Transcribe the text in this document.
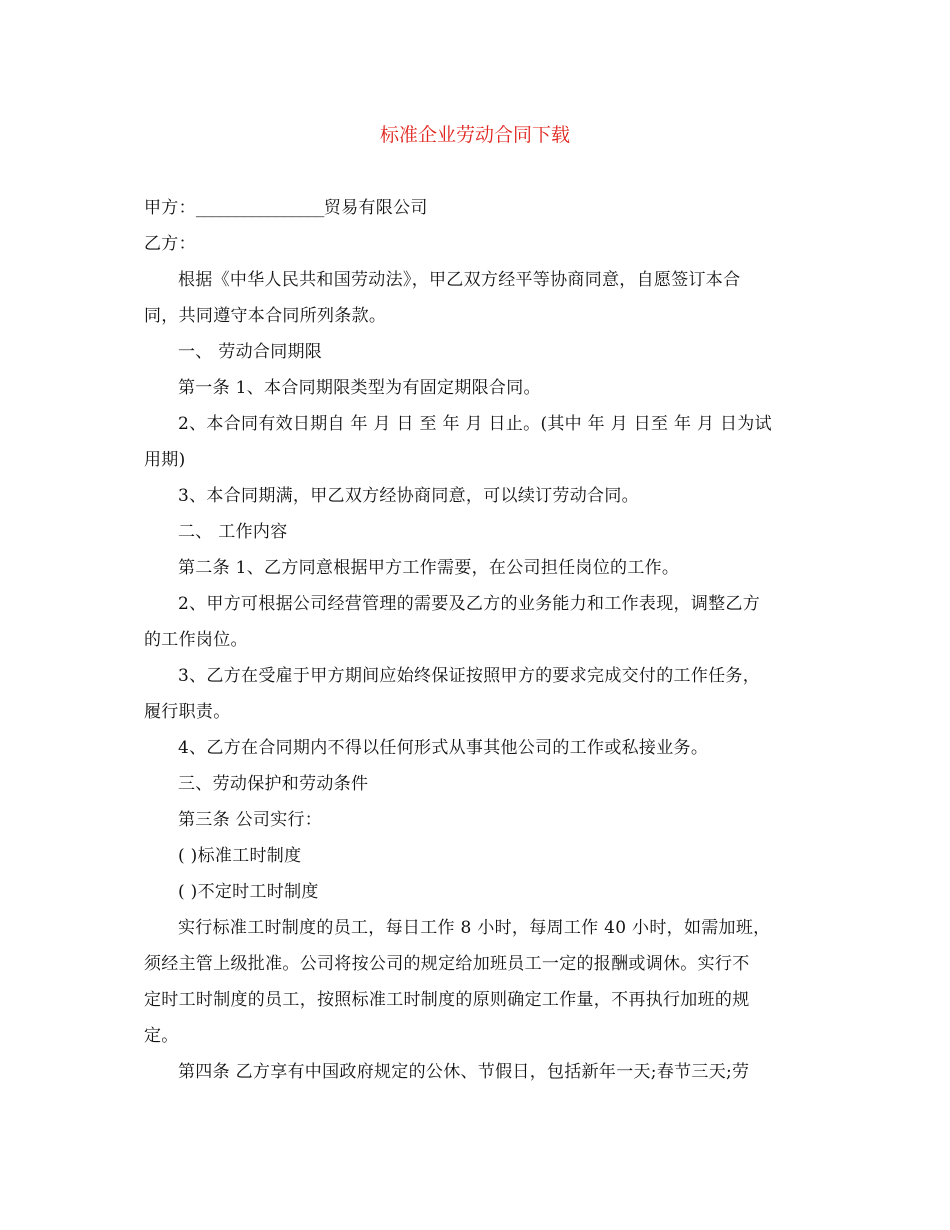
标准企业劳动合同下载
甲方：________________贸易有限公司
乙方：
根据《中华人民共和国劳动法》，甲乙双方经平等协商同意，自愿签订本合
同，共同遵守本合同所列条款。
一、 劳动合同期限
第一条 1、本合同期限类型为有固定期限合同。
2、本合同有效日期自 年 月 日 至 年 月 日止。(其中 年 月 日至 年 月 日为试
用期)
3、本合同期满，甲乙双方经协商同意，可以续订劳动合同。
二、 工作内容
第二条 1、乙方同意根据甲方工作需要，在公司担任岗位的工作。
2、甲方可根据公司经营管理的需要及乙方的业务能力和工作表现，调整乙方
的工作岗位。
3、乙方在受雇于甲方期间应始终保证按照甲方的要求完成交付的工作任务，
履行职责。
4、乙方在合同期内不得以任何形式从事其他公司的工作或私接业务。
三、劳动保护和劳动条件
第三条 公司实行：
( )标准工时制度
( )不定时工时制度
实行标准工时制度的员工，每日工作 8 小时，每周工作 40 小时，如需加班，
须经主管上级批准。公司将按公司的规定给加班员工一定的报酬或调休。实行不
定时工时制度的员工，按照标准工时制度的原则确定工作量，不再执行加班的规
定。
第四条 乙方享有中国政府规定的公休、节假日，包括新年一天;春节三天;劳
